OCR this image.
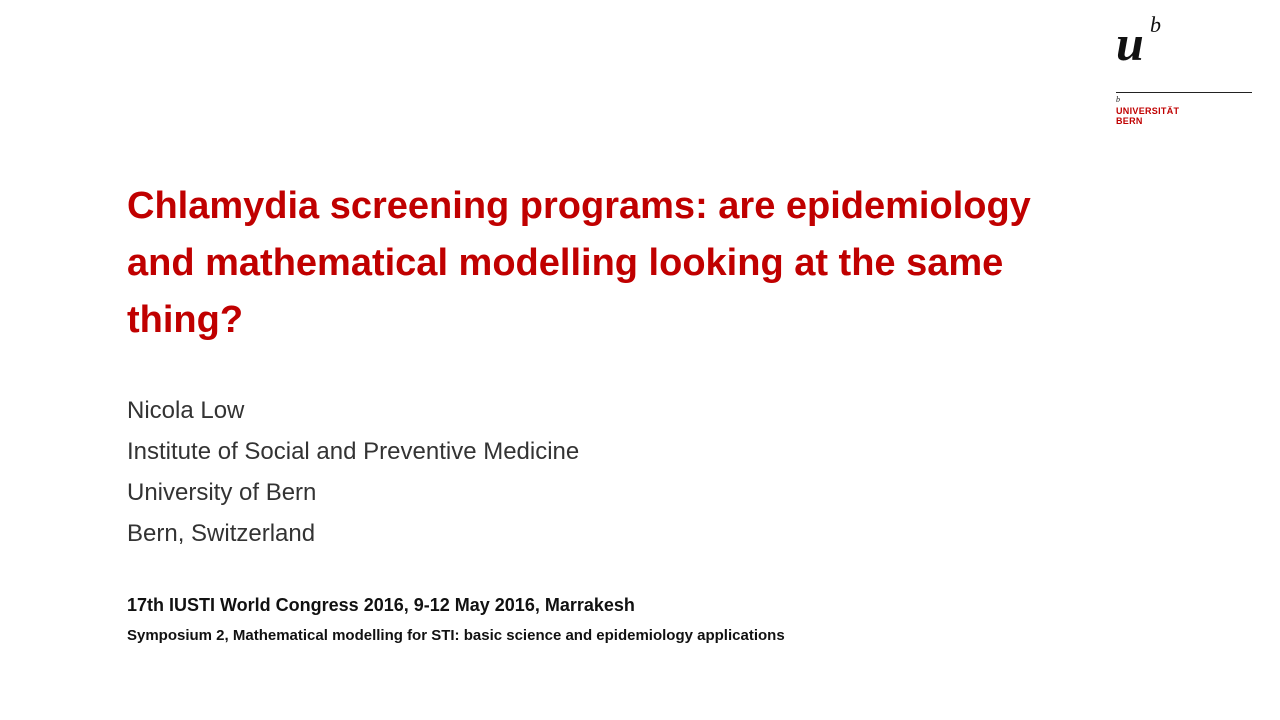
u b
b
UNIVERSITÄT
BERN
Chlamydia screening programs: are epidemiology
and mathematical modelling looking at the same
thing?
Nicola Low
Institute of Social and Preventive Medicine
University of Bern
Bern, Switzerland
17th IUSTI World Congress 2016, 9-12 May 2016, Marrakesh
Symposium 2, Mathematical modelling for STI: basic science and epidemiology applications
